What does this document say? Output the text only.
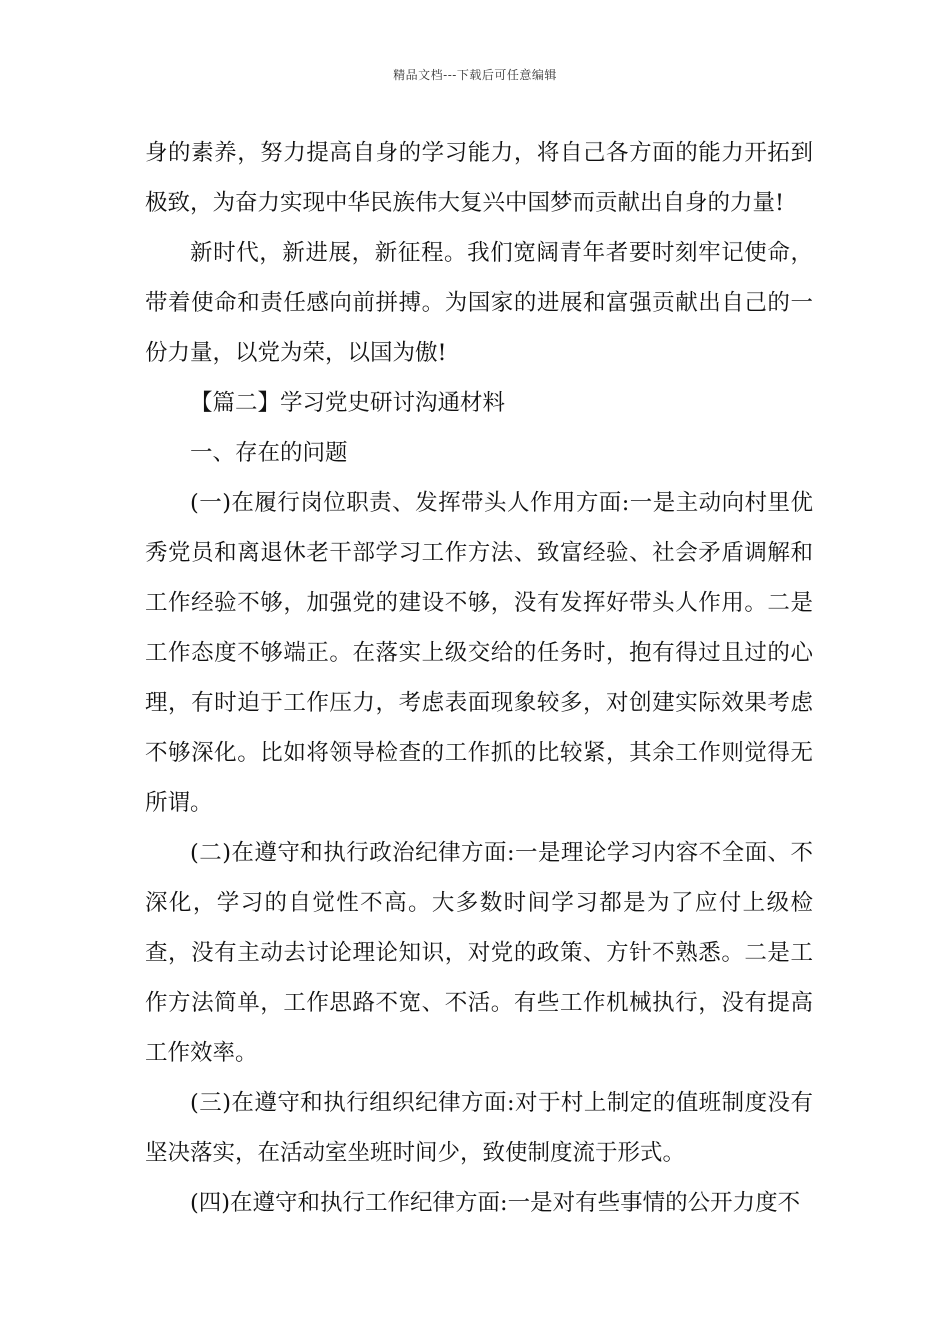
精品文档---下载后可任意编辑

身的素养，努力提高自身的学习能力，将自己各方面的能力开拓到极致，为奋力实现中华民族伟大复兴中国梦而贡献出自身的力量!

新时代，新进展，新征程。我们宽阔青年者要时刻牢记使命，带着使命和责任感向前拼搏。为国家的进展和富强贡献出自己的一份力量，以党为荣，以国为傲!

【篇二】学习党史研讨沟通材料

一、存在的问题

(一)在履行岗位职责、发挥带头人作用方面:一是主动向村里优秀党员和离退休老干部学习工作方法、致富经验、社会矛盾调解和工作经验不够，加强党的建设不够，没有发挥好带头人作用。二是工作态度不够端正。在落实上级交给的任务时，抱有得过且过的心理，有时迫于工作压力，考虑表面现象较多，对创建实际效果考虑不够深化。比如将领导检查的工作抓的比较紧，其余工作则觉得无所谓。

(二)在遵守和执行政治纪律方面:一是理论学习内容不全面、不深化，学习的自觉性不高。大多数时间学习都是为了应付上级检查，没有主动去讨论理论知识，对党的政策、方针不熟悉。二是工作方法简单，工作思路不宽、不活。有些工作机械执行，没有提高工作效率。

(三)在遵守和执行组织纪律方面:对于村上制定的值班制度没有坚决落实，在活动室坐班时间少，致使制度流于形式。

(四)在遵守和执行工作纪律方面:一是对有些事情的公开力度不
